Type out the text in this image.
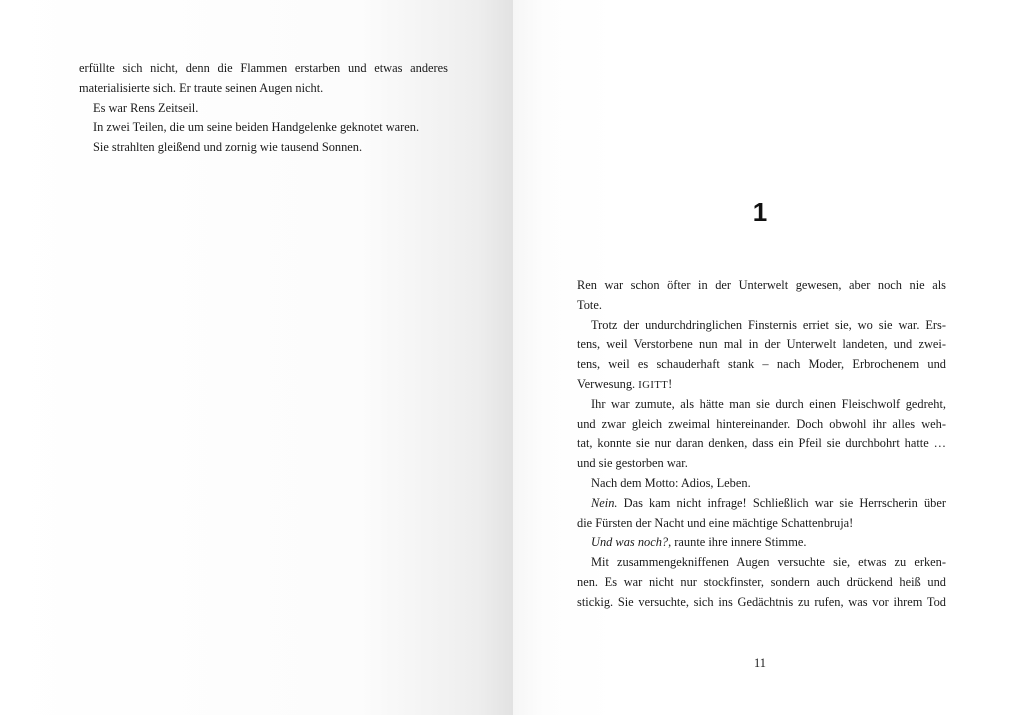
erfüllte sich nicht, denn die Flammen erstarben und etwas anderes
materialisierte sich. Er traute seinen Augen nicht.
Es war Rens Zeitseil.
In zwei Teilen, die um seine beiden Handgelenke geknotet waren.
Sie strahlten gleißend und zornig wie tausend Sonnen.
1
Ren war schon öfter in der Unterwelt gewesen, aber noch nie als
Tote.
Trotz der undurchdringlichen Finsternis erriet sie, wo sie war. Ers-
tens, weil Verstorbene nun mal in der Unterwelt landeten, und zwei-
tens, weil es schauderhaft stank – nach Moder, Erbrochenem und
Verwesung. IGITT!
Ihr war zumute, als hätte man sie durch einen Fleischwolf gedreht,
und zwar gleich zweimal hintereinander. Doch obwohl ihr alles weh-
tat, konnte sie nur daran denken, dass ein Pfeil sie durchbohrt hatte …
und sie gestorben war.
Nach dem Motto: Adios, Leben.
Nein. Das kam nicht infrage! Schließlich war sie Herrscherin über
die Fürsten der Nacht und eine mächtige Schattenbruja!
Und was noch?, raunte ihre innere Stimme.
Mit zusammengekniffenen Augen versuchte sie, etwas zu erken-
nen. Es war nicht nur stockfinster, sondern auch drückend heiß und
stickig. Sie versuchte, sich ins Gedächtnis zu rufen, was vor ihrem Tod
11
